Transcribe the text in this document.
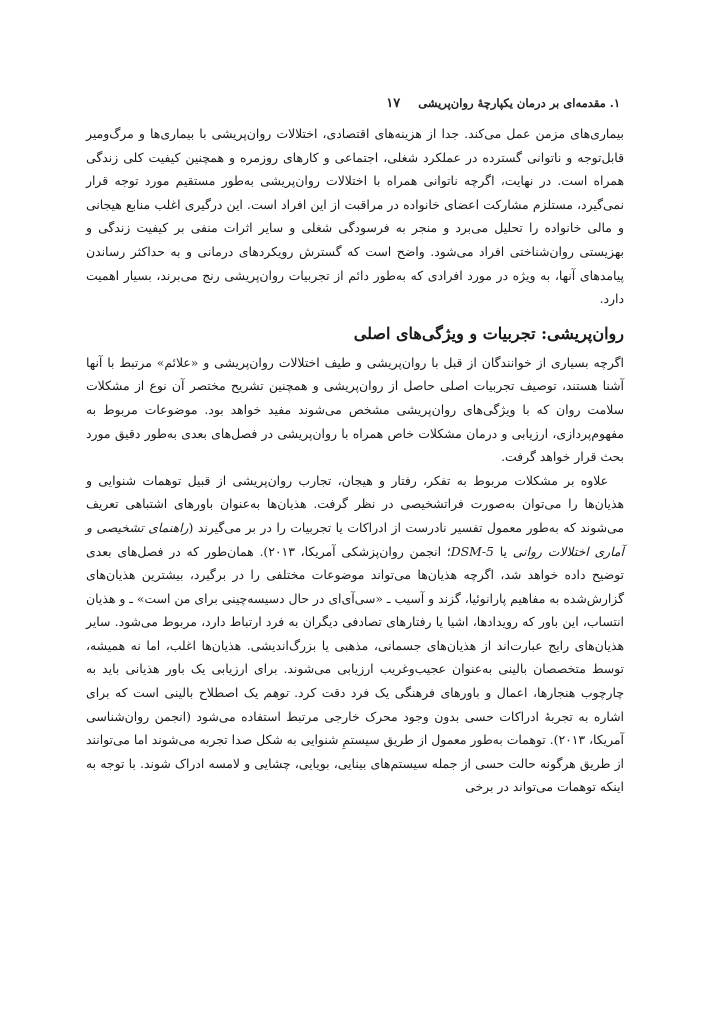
۱. مقدمه‌ای بر درمان یکپارچهٔ روان‌پریشی
۱۷

بیماری‌های مزمن عمل می‌کند. جدا از هزینه‌های اقتصادی، اختلالات روان‌پریشی با بیماری‌ها و مرگ‌ومیر قابل‌توجه و ناتوانی گسترده در عملکرد شغلی، اجتماعی و کارهای روزمره و همچنین کیفیت کلی زندگی همراه است. در نهایت، اگرچه ناتوانی همراه با اختلالات روان‌پریشی به‌طور مستقیم مورد توجه قرار نمی‌گیرد، مستلزم مشارکت اعضای خانواده در مراقبت از این افراد است. این درگیری اغلب منابع هیجانی و مالی خانواده را تحلیل می‌برد و منجر به فرسودگی شغلی و سایر اثرات منفی بر کیفیت زندگی و بهزیستی روان‌شناختی افراد می‌شود. واضح است که گسترش رویکردهای درمانی و به حداکثر رساندن پیامدهای آنها، به ویژه در مورد افرادی که به‌طور دائم از تجربیات روان‌پریشی رنج می‌برند، بسیار اهمیت دارد.

روان‌پریشی: تجربیات و ویژگی‌های اصلی

اگرچه بسیاری از خوانندگان از قبل با روان‌پریشی و طیف اختلالات روان‌پریشی و «علائم» مرتبط با آنها آشنا هستند، توصیف تجربیات اصلی حاصل از روان‌پریشی و همچنین تشریح مختصر آن نوع از مشکلات سلامت روان که با ویژگی‌های روان‌پریشی مشخص می‌شوند مفید خواهد بود. موضوعات مربوط به مفهوم‌پردازی، ارزیابی و درمان مشکلات خاص همراه با روان‌پریشی در فصل‌های بعدی به‌طور دقیق مورد بحث قرار خواهد گرفت.

علاوه بر مشکلات مربوط به تفکر، رفتار و هیجان، تجارب روان‌پریشی از قبیل توهمات شنوایی و هذیان‌ها را می‌توان به‌صورت فراتشخیصی در نظر گرفت. هذیان‌ها به‌عنوان باورهای اشتباهی تعریف می‌شوند که به‌طور معمول تفسیر نادرست از ادراکات یا تجربیات را در بر می‌گیرند (راهنمای تشخیصی و آماری اختلالات روانی یا DSM-5؛ انجمن روان‌پزشکی آمریکا، ۲۰۱۳). همان‌طور که در فصل‌های بعدی توضیح داده خواهد شد، اگرچه هذیان‌ها می‌تواند موضوعات مختلفی را در برگیرد، بیشترین هذیان‌های گزارش‌شده به مفاهیم پارانوئیا، گزند و آسیب ـ «سی‌آی‌ای در حال دسیسه‌چینی برای من است» ـ و هذیان انتساب، این باور که رویدادها، اشیا یا رفتارهای تصادفی دیگران به فرد ارتباط دارد، مربوط می‌شود. سایر هذیان‌های رایج عبارت‌اند از هذیان‌های جسمانی، مذهبی یا بزرگ‌اندیشی. هذیان‌ها اغلب، اما نه همیشه، توسط متخصصان بالینی به‌عنوان عجیب‌وغریب ارزیابی می‌شوند. برای ارزیابی یک باور هذیانی باید به چارچوب هنجارها، اعمال و باورهای فرهنگی یک فرد دقت کرد. توهم یک اصطلاح بالینی است که برای اشاره به تجربهٔ ادراکات حسی بدون وجود محرک خارجی مرتبط استفاده می‌شود (انجمن روان‌شناسی آمریکا، ۲۰۱۳). توهمات به‌طور معمول از طریق سیستمِ شنوایی به شکل صدا تجربه می‌شوند اما می‌توانند از طریق هرگونه حالت حسی از جمله سیستم‌های بینایی، بویایی، چشایی و لامسه ادراک شوند. با توجه به اینکه توهمات می‌تواند در برخی
